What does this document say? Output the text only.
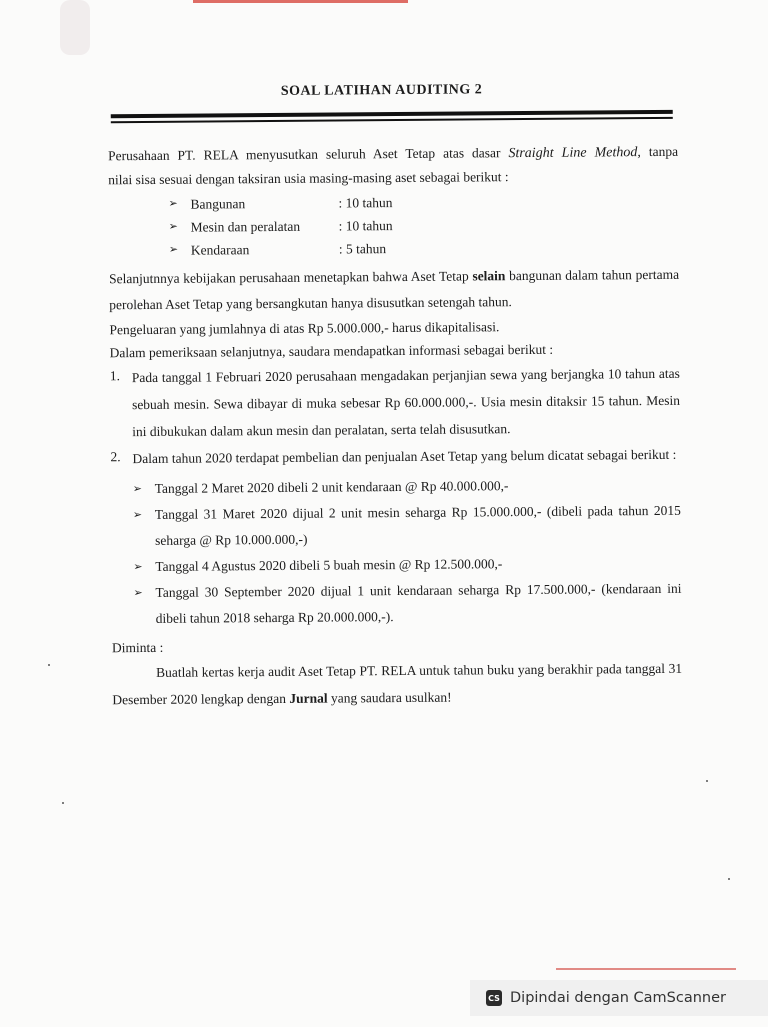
SOAL LATIHAN AUDITING 2

Perusahaan PT. RELA menyusutkan seluruh Aset Tetap atas dasar Straight Line Method, tanpa

nilai sisa sesuai dengan taksiran usia masing-masing aset sebagai berikut :

➢ Bangunan	: 10 tahun
➢ Mesin dan peralatan	: 10 tahun
➢ Kendaraan	: 5 tahun

Selanjutnnya kebijakan perusahaan menetapkan bahwa Aset Tetap selain bangunan dalam tahun pertama perolehan Aset Tetap yang bersangkutan hanya disusutkan setengah tahun.

Pengeluaran yang jumlahnya di atas Rp 5.000.000,- harus dikapitalisasi.

Dalam pemeriksaan selanjutnya, saudara mendapatkan informasi sebagai berikut :

1. Pada tanggal 1 Februari 2020 perusahaan mengadakan perjanjian sewa yang berjangka 10 tahun atas sebuah mesin. Sewa dibayar di muka sebesar Rp 60.000.000,-. Usia mesin ditaksir 15 tahun. Mesin ini dibukukan dalam akun mesin dan peralatan, serta telah disusutkan.

2. Dalam tahun 2020 terdapat pembelian dan penjualan Aset Tetap yang belum dicatat sebagai berikut :

➢ Tanggal 2 Maret 2020 dibeli 2 unit kendaraan @ Rp 40.000.000,-
➢ Tanggal 31 Maret 2020 dijual 2 unit mesin seharga Rp 15.000.000,- (dibeli pada tahun 2015 seharga @ Rp 10.000.000,-)
➢ Tanggal 4 Agustus 2020 dibeli 5 buah mesin @ Rp 12.500.000,-
➢ Tanggal 30 September 2020 dijual 1 unit kendaraan seharga Rp 17.500.000,- (kendaraan ini dibeli tahun 2018 seharga Rp 20.000.000,-).

Diminta :

Buatlah kertas kerja audit Aset Tetap PT. RELA untuk tahun buku yang berakhir pada tanggal 31 Desember 2020 lengkap dengan Jurnal yang saudara usulkan!

CS Dipindai dengan CamScanner
